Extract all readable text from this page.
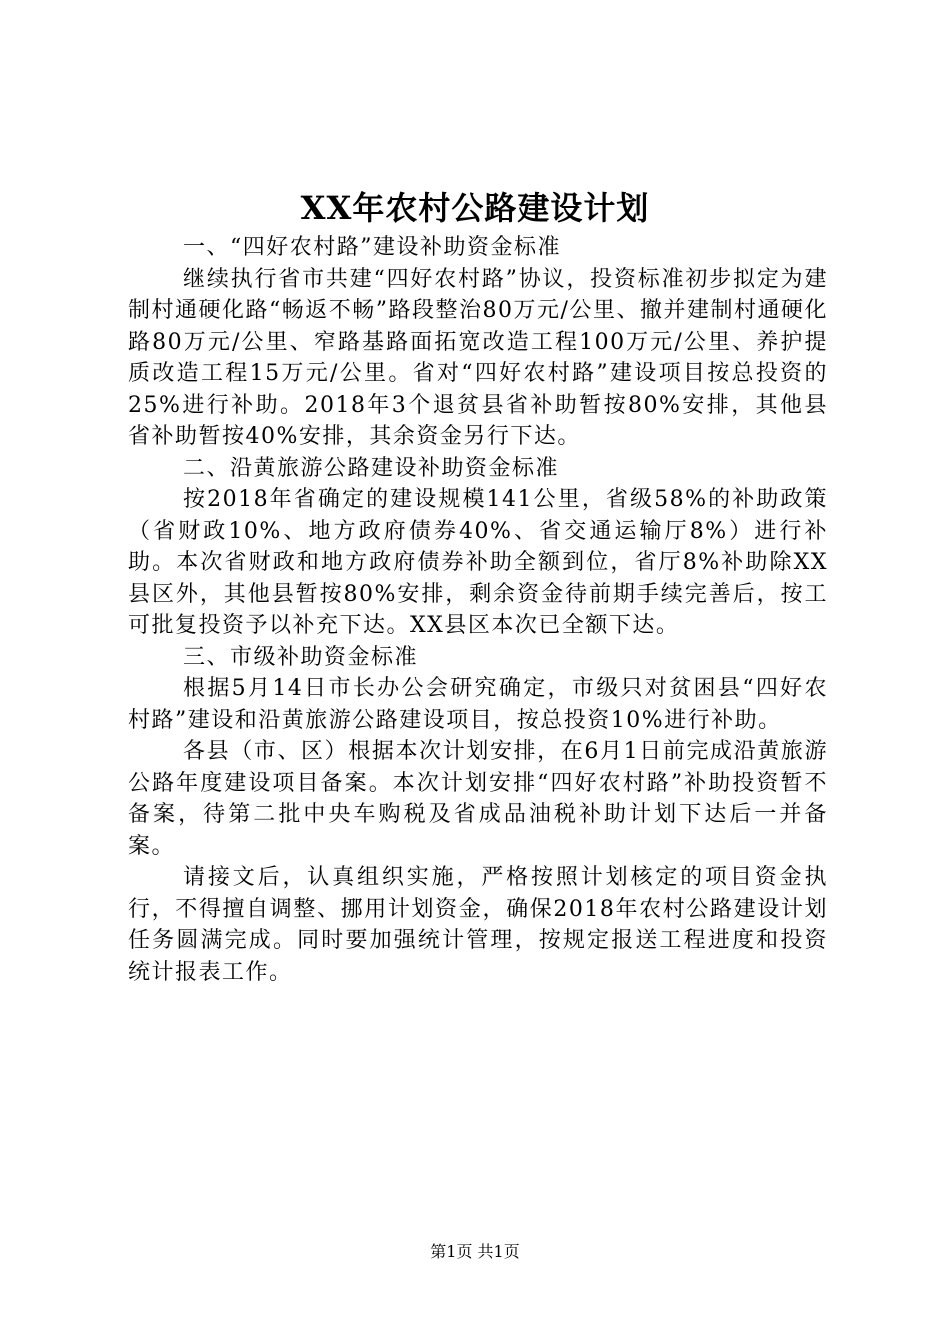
XX年农村公路建设计划

一、“四好农村路”建设补助资金标准

继续执行省市共建“四好农村路”协议，投资标准初步拟定为建制村通硬化路“畅返不畅”路段整治80万元/公里、撤并建制村通硬化路80万元/公里、窄路基路面拓宽改造工程100万元/公里、养护提质改造工程15万元/公里。省对“四好农村路”建设项目按总投资的25%进行补助。2018年3个退贫县省补助暂按80%安排，其他县省补助暂按40%安排，其余资金另行下达。

二、沿黄旅游公路建设补助资金标准

按2018年省确定的建设规模141公里，省级58%的补助政策（省财政10%、地方政府债券40%、省交通运输厅8%）进行补助。本次省财政和地方政府债券补助全额到位，省厅8%补助除XX县区外，其他县暂按80%安排，剩余资金待前期手续完善后，按工可批复投资予以补充下达。XX县区本次已全额下达。

三、市级补助资金标准

根据5月14日市长办公会研究确定，市级只对贫困县“四好农村路”建设和沿黄旅游公路建设项目，按总投资10%进行补助。

各县（市、区）根据本次计划安排，在6月1日前完成沿黄旅游公路年度建设项目备案。本次计划安排“四好农村路”补助投资暂不备案，待第二批中央车购税及省成品油税补助计划下达后一并备案。

请接文后，认真组织实施，严格按照计划核定的项目资金执行，不得擅自调整、挪用计划资金，确保2018年农村公路建设计划任务圆满完成。同时要加强统计管理，按规定报送工程进度和投资统计报表工作。

第1页 共1页
